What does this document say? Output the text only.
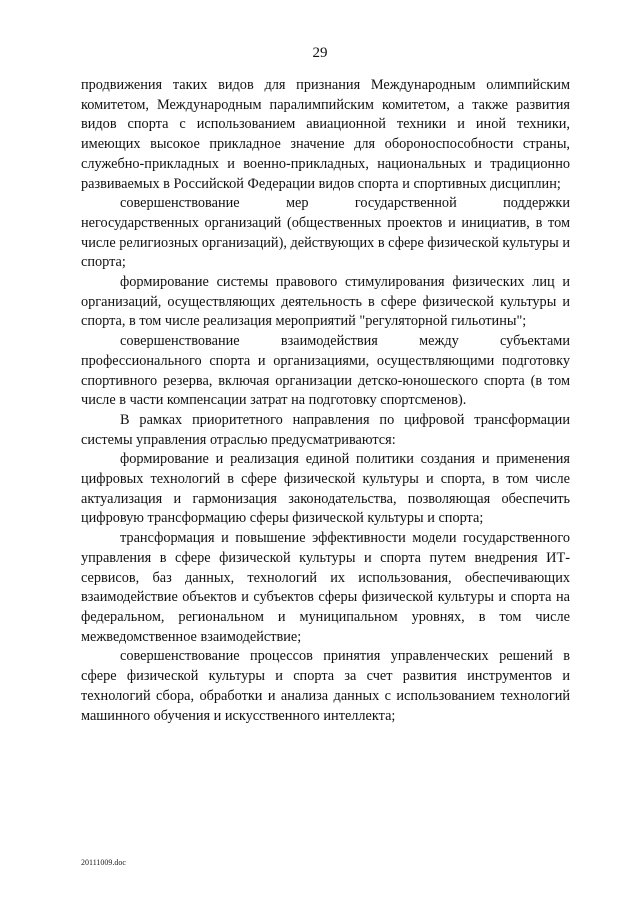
29

продвижения таких видов для признания Международным олимпийским комитетом, Международным паралимпийским комитетом, а также развития видов спорта с использованием авиационной техники и иной техники, имеющих высокое прикладное значение для обороноспособности страны, служебно-прикладных и военно-прикладных, национальных и традиционно развиваемых в Российской Федерации видов спорта и спортивных дисциплин;

совершенствование мер государственной поддержки

негосударственных организаций (общественных проектов и инициатив, в том числе религиозных организаций), действующих в сфере физической культуры и спорта;

формирование системы правового стимулирования физических лиц и организаций, осуществляющих деятельность в сфере физической культуры и спорта, в том числе реализация мероприятий "регуляторной гильотины";

совершенствование взаимодействия между субъектами профессионального спорта и организациями, осуществляющими подготовку спортивного резерва, включая организации детско-юношеского спорта (в том числе в части компенсации затрат на подготовку спортсменов).

В рамках приоритетного направления по цифровой трансформации системы управления отраслью предусматриваются:

формирование и реализация единой политики создания и применения цифровых технологий в сфере физической культуры и спорта, в том числе актуализация и гармонизация законодательства, позволяющая обеспечить цифровую трансформацию сферы физической культуры и спорта;

трансформация и повышение эффективности модели государственного управления в сфере физической культуры и спорта путем внедрения ИТ-сервисов, баз данных, технологий их использования, обеспечивающих взаимодействие объектов и субъектов сферы физической культуры и спорта на федеральном, региональном и муниципальном уровнях, в том числе межведомственное взаимодействие;

совершенствование процессов принятия управленческих решений в сфере физической культуры и спорта за счет развития инструментов и технологий сбора, обработки и анализа данных с использованием технологий машинного обучения и искусственного интеллекта;

20111009.doc
